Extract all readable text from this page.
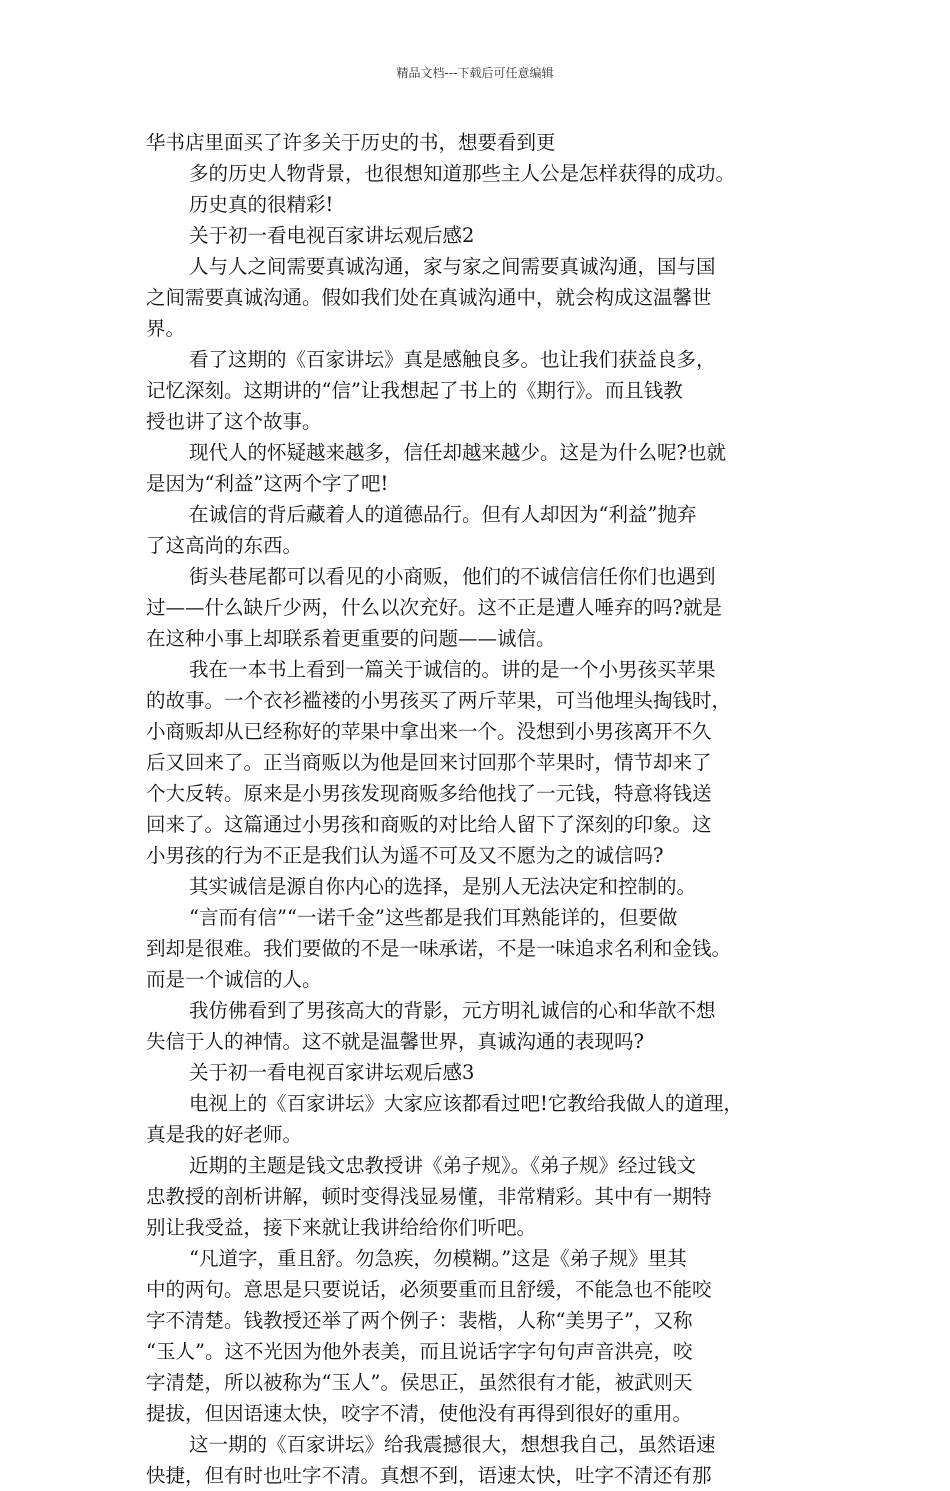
精品文档---下载后可任意编辑
华书店里面买了许多关于历史的书，想要看到更
多的历史人物背景，也很想知道那些主人公是怎样获得的成功。
历史真的很精彩!
关于初一看电视百家讲坛观后感2
人与人之间需要真诚沟通，家与家之间需要真诚沟通，国与国
之间需要真诚沟通。假如我们处在真诚沟通中，就会构成这温馨世
界。
看了这期的《百家讲坛》真是感触良多。也让我们获益良多，
记忆深刻。这期讲的“信”让我想起了书上的《期行》。而且钱教
授也讲了这个故事。
现代人的怀疑越来越多，信任却越来越少。这是为什么呢?也就
是因为“利益”这两个字了吧!
在诚信的背后藏着人的道德品行。但有人却因为“利益”抛弃
了这高尚的东西。
街头巷尾都可以看见的小商贩，他们的不诚信信任你们也遇到
过——什么缺斤少两，什么以次充好。这不正是遭人唾弃的吗?就是
在这种小事上却联系着更重要的问题——诚信。
我在一本书上看到一篇关于诚信的。讲的是一个小男孩买苹果
的故事。一个衣衫褴褛的小男孩买了两斤苹果，可当他埋头掏钱时，
小商贩却从已经称好的苹果中拿出来一个。没想到小男孩离开不久
后又回来了。正当商贩以为他是回来讨回那个苹果时，情节却来了
个大反转。原来是小男孩发现商贩多给他找了一元钱，特意将钱送
回来了。这篇通过小男孩和商贩的对比给人留下了深刻的印象。这
小男孩的行为不正是我们认为遥不可及又不愿为之的诚信吗?
其实诚信是源自你内心的选择，是别人无法决定和控制的。
“言而有信”“一诺千金”这些都是我们耳熟能详的，但要做
到却是很难。我们要做的不是一味承诺，不是一味追求名利和金钱。
而是一个诚信的人。
我仿佛看到了男孩高大的背影，元方明礼诚信的心和华歆不想
失信于人的神情。这不就是温馨世界，真诚沟通的表现吗?
关于初一看电视百家讲坛观后感3
电视上的《百家讲坛》大家应该都看过吧!它教给我做人的道理，
真是我的好老师。
近期的主题是钱文忠教授讲《弟子规》。《弟子规》经过钱文
忠教授的剖析讲解，顿时变得浅显易懂，非常精彩。其中有一期特
别让我受益，接下来就让我讲给给你们听吧。
“凡道字，重且舒。勿急疾，勿模糊。”这是《弟子规》里其
中的两句。意思是只要说话，必须要重而且舒缓，不能急也不能咬
字不清楚。钱教授还举了两个例子：裴楷，人称“美男子”，又称
“玉人”。这不光因为他外表美，而且说话字字句句声音洪亮，咬
字清楚，所以被称为“玉人”。侯思正，虽然很有才能，被武则天
提拔，但因语速太快，咬字不清，使他没有再得到很好的重用。
这一期的《百家讲坛》给我震撼很大，想想我自己，虽然语速
快捷，但有时也吐字不清。真想不到，语速太快，吐字不清还有那
